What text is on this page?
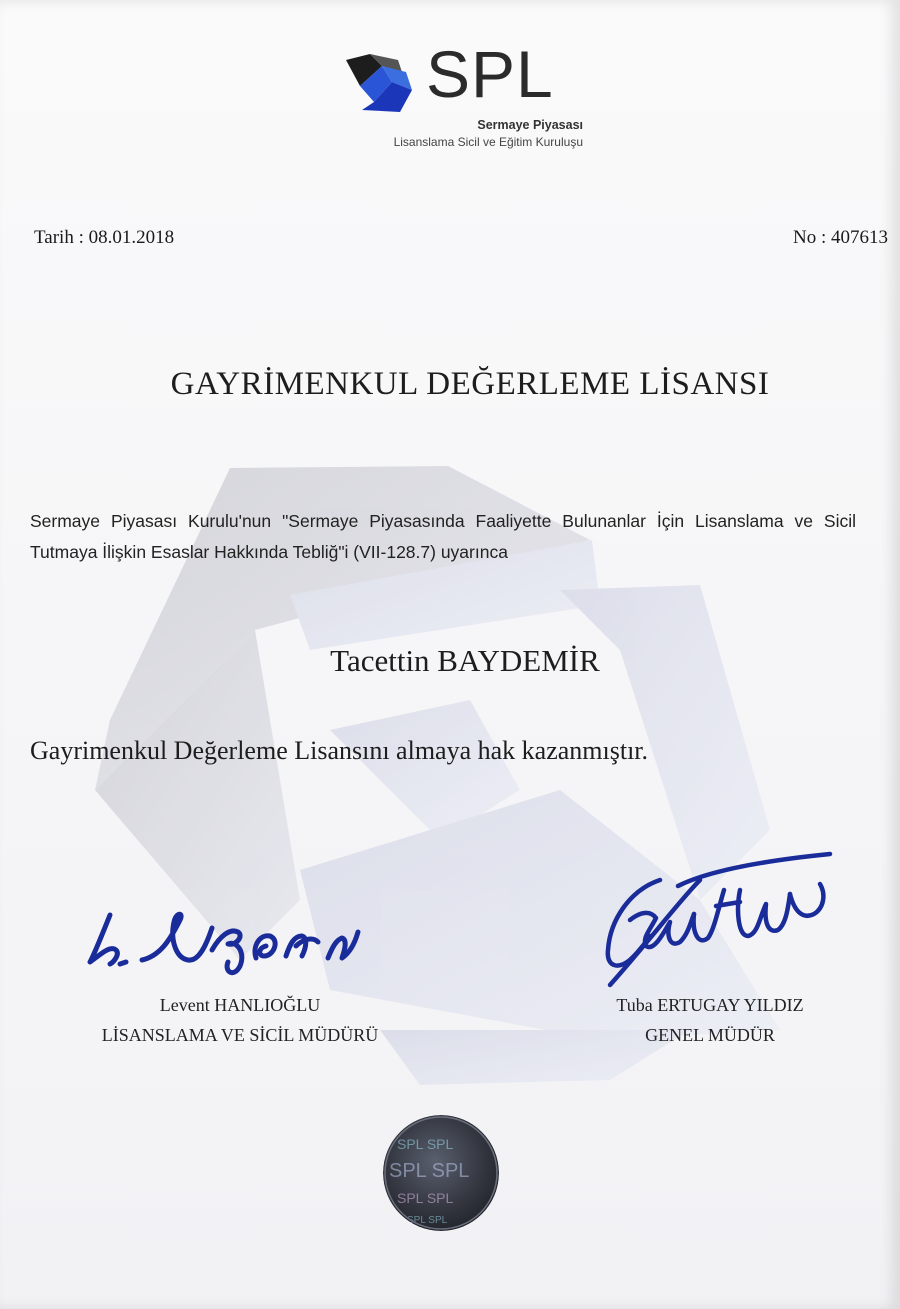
SPL
Sermaye Piyasası
Lisanslama Sicil ve Eğitim Kuruluşu
Tarih : 08.01.2018	No : 407613
GAYRİMENKUL DEĞERLEME LİSANSI
Sermaye Piyasası Kurulu'nun "Sermaye Piyasasında Faaliyette Bulunanlar İçin Lisanslama ve Sicil Tutmaya İlişkin Esaslar Hakkında Tebliğ"i (VII-128.7) uyarınca
Tacettin BAYDEMİR
Gayrimenkul Değerleme Lisansını almaya hak kazanmıştır.
Levent HANLIOĞLU
LİSANSLAMA VE SİCİL MÜDÜRÜ
Tuba ERTUGAY YILDIZ
GENEL MÜDÜR
SPL SPL
SPL SPL
SPL SPL
SPL SPL
